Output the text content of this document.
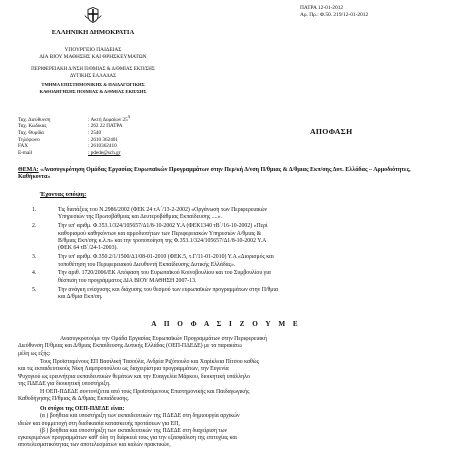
ΠΑΤΡΑ 12-01-2012
Αρ. Πρ.: Φ.50. 219/12-01-2012
ΕΛΛΗΝΙΚΗ ΔΗΜΟΚΡΑΤΙΑ
ΥΠΟΥΡΓΕΙΟ ΠΑΙΔΕΙΑΣ
ΔΙΑ ΒΙΟΥ ΜΑΘΗΣΗΣ ΚΑΙ ΘΡΗΣΚΕΥΜΑΤΩΝ
ΠΕΡΙΦΕΡΕΙΑΚΗ Δ/ΝΣΗ Π/ΘΜΙΑΣ & Δ/ΘΜΙΑΣ ΕΚΠ/ΣΗΣ
ΔΥΤΙΚΗΣ ΕΛΛΑΔΑΣ
ΤΜΗΜΑ ΕΠΙΣΤΗΜΟΝΙΚΗΣ & ΠΑΙΔΑΓΩΓΙΚΗΣ
ΚΑΘΟΔΗΓΗΣΗΣ ΠΟΙΜΙΑΣ & Δ/ΘΜΙΑΣ ΕΚΠ/ΣΗΣ
Ταχ. Διεύθυνση	: Ακτή Δυμαίων $25^A$
Ταχ. Κώδικας	: 262 22 ΠΑΤΡΑ
Ταχ. Θυρίδα	: 2540
Τηλέφωνο	: 2610 362401
FAX	: 2610362410
E-mail	: pdede@sch.gr
ΑΠΟΦΑΣΗ
ΘΕΜΑ: «Ανασυγκρότηση Ομάδας Εργασίας Ευρωπαϊκών Προγραμμάτων στην Περ/κή Δ/νση Π/θμιας & Δ/θμιας Εκπ/σης Δυτ. Ελλάδας – Αρμοδιότητες, Καθήκοντα»
Έχοντας υπόψη:
1.	Τις διατάξεις του Ν.2986/2002 (ΦΕΚ 24 τΑ΄/13-2-2002) «Οργάνωση των Περιφερειακών
Υπηρεσιών της Πρωτοβάθμιας και Δευτεροβάθμιας Εκπαίδευσης ....».
2.	Την υπ' αριθμ. Φ.353.1/324/105657/Δ1/8-10-2002 Υ.Α (ΦΕΚ1340 τΒ΄/16-10-2002) «Περί
καθορισμού καθηκόντων και αρμοδιοτήτων των Περιφερειακών Υπηρεσιών Α/θμιας &
Β/θμιας Εκπ/σης κ.λ.π» και την τροποποίηση της Φ.353.1/324/105657/Δ1/8-10-2002 Υ.Α
(ΦΕΚ 64 τΒ΄/24-1-2003).
3.	Την υπ' αριθμ. Φ.350.2/1/1500/Δ1/08-01-2010 (ΦΕΚ.5, τ.Γ/11-01-2010) Υ.Α «Διορισμός και
τοποθέτηση του Περιφερειακού Διευθυντή Εκπαίδευσης Δυτικής Ελλάδας».
4.	Την αριθ. 1720/2006/ΕΚ Απόφαση του Ευρωπαϊκού Κοινοβουλίου και του Συμβουλίου για
θέσπιση του προγράμματος ΔΙΑ ΒΙΟΥ ΜΑΘΗΣΗ 2007-13.
5.	Την ανάγκη ενίσχυσης και διάχυσης του θεσμού των ευρωπαϊκών προγραμμάτων στην Π/θμια
και Δ/θμια Εκπ/ση.
Α Π Ο Φ Α Σ Ι Ζ Ο Υ Μ Ε
Ανασυγκροτούμε την Ομάδα Εργασίας Ευρωπαϊκών Προγραμμάτων στην Περιφερειακή
Διεύθυνση Π/θμιας και Δ/θμιας Εκπαίδευσης Δυτικής Ελλάδας (ΟΕΠ-ΠΔΕΔΕ) με τα παρακάτω
μέλη ως εξής:
Τους Προϊσταμένους ΕΠ Βασιλική Τασούλα, Ανδρέα Ριζόπουλο και Χαρίκλεια Πίτσου καθώς
και τις εκπαιδευτικούς Νίκη Λαμπροπούλου ως διαχειρίστρια προγραμμάτων, την Ευγενία
Ψυχογιού ως ερευνήτρια εκπαιδευτικών θεμάτων και την Ευαγγελία Μάρκου, διοικητική υπάλληλο
της ΠΔΕΔΕ για διοικητική υποστήριξη.
Η ΟΕΠ-ΠΔΕΔΕ συντονίζεται από τους Προϊστάμενους Επιστημονικής και Παιδαγωγικής
Καθοδήγησης Π/θμιας & Δ/θμιας Εκπαίδευσης.
Οι στόχοι της ΟΕΠ-ΠΔΕΔΕ είναι:
(α ) βοήθεια και υποστήριξη των εκπαιδευτικών της ΠΔΕΔΕ στη δημιουργία αρχικών
ιδεών και συμμετοχή στη διαδικασία κατασκευής προτάσεων για ΕΠ,
(β ) βοήθεια και υποστήριξη των εκπαιδευτικών της ΠΔΕΔΕ στη διαχείριση των
εγκεκριμένων προγραμμάτων καθ' όλη τη διάρκειά τους για την εξασφάλιση της επιτυχίας και
αποτελεσματικότητας των αποτελεσμάτων και καλών πρακτικών,
